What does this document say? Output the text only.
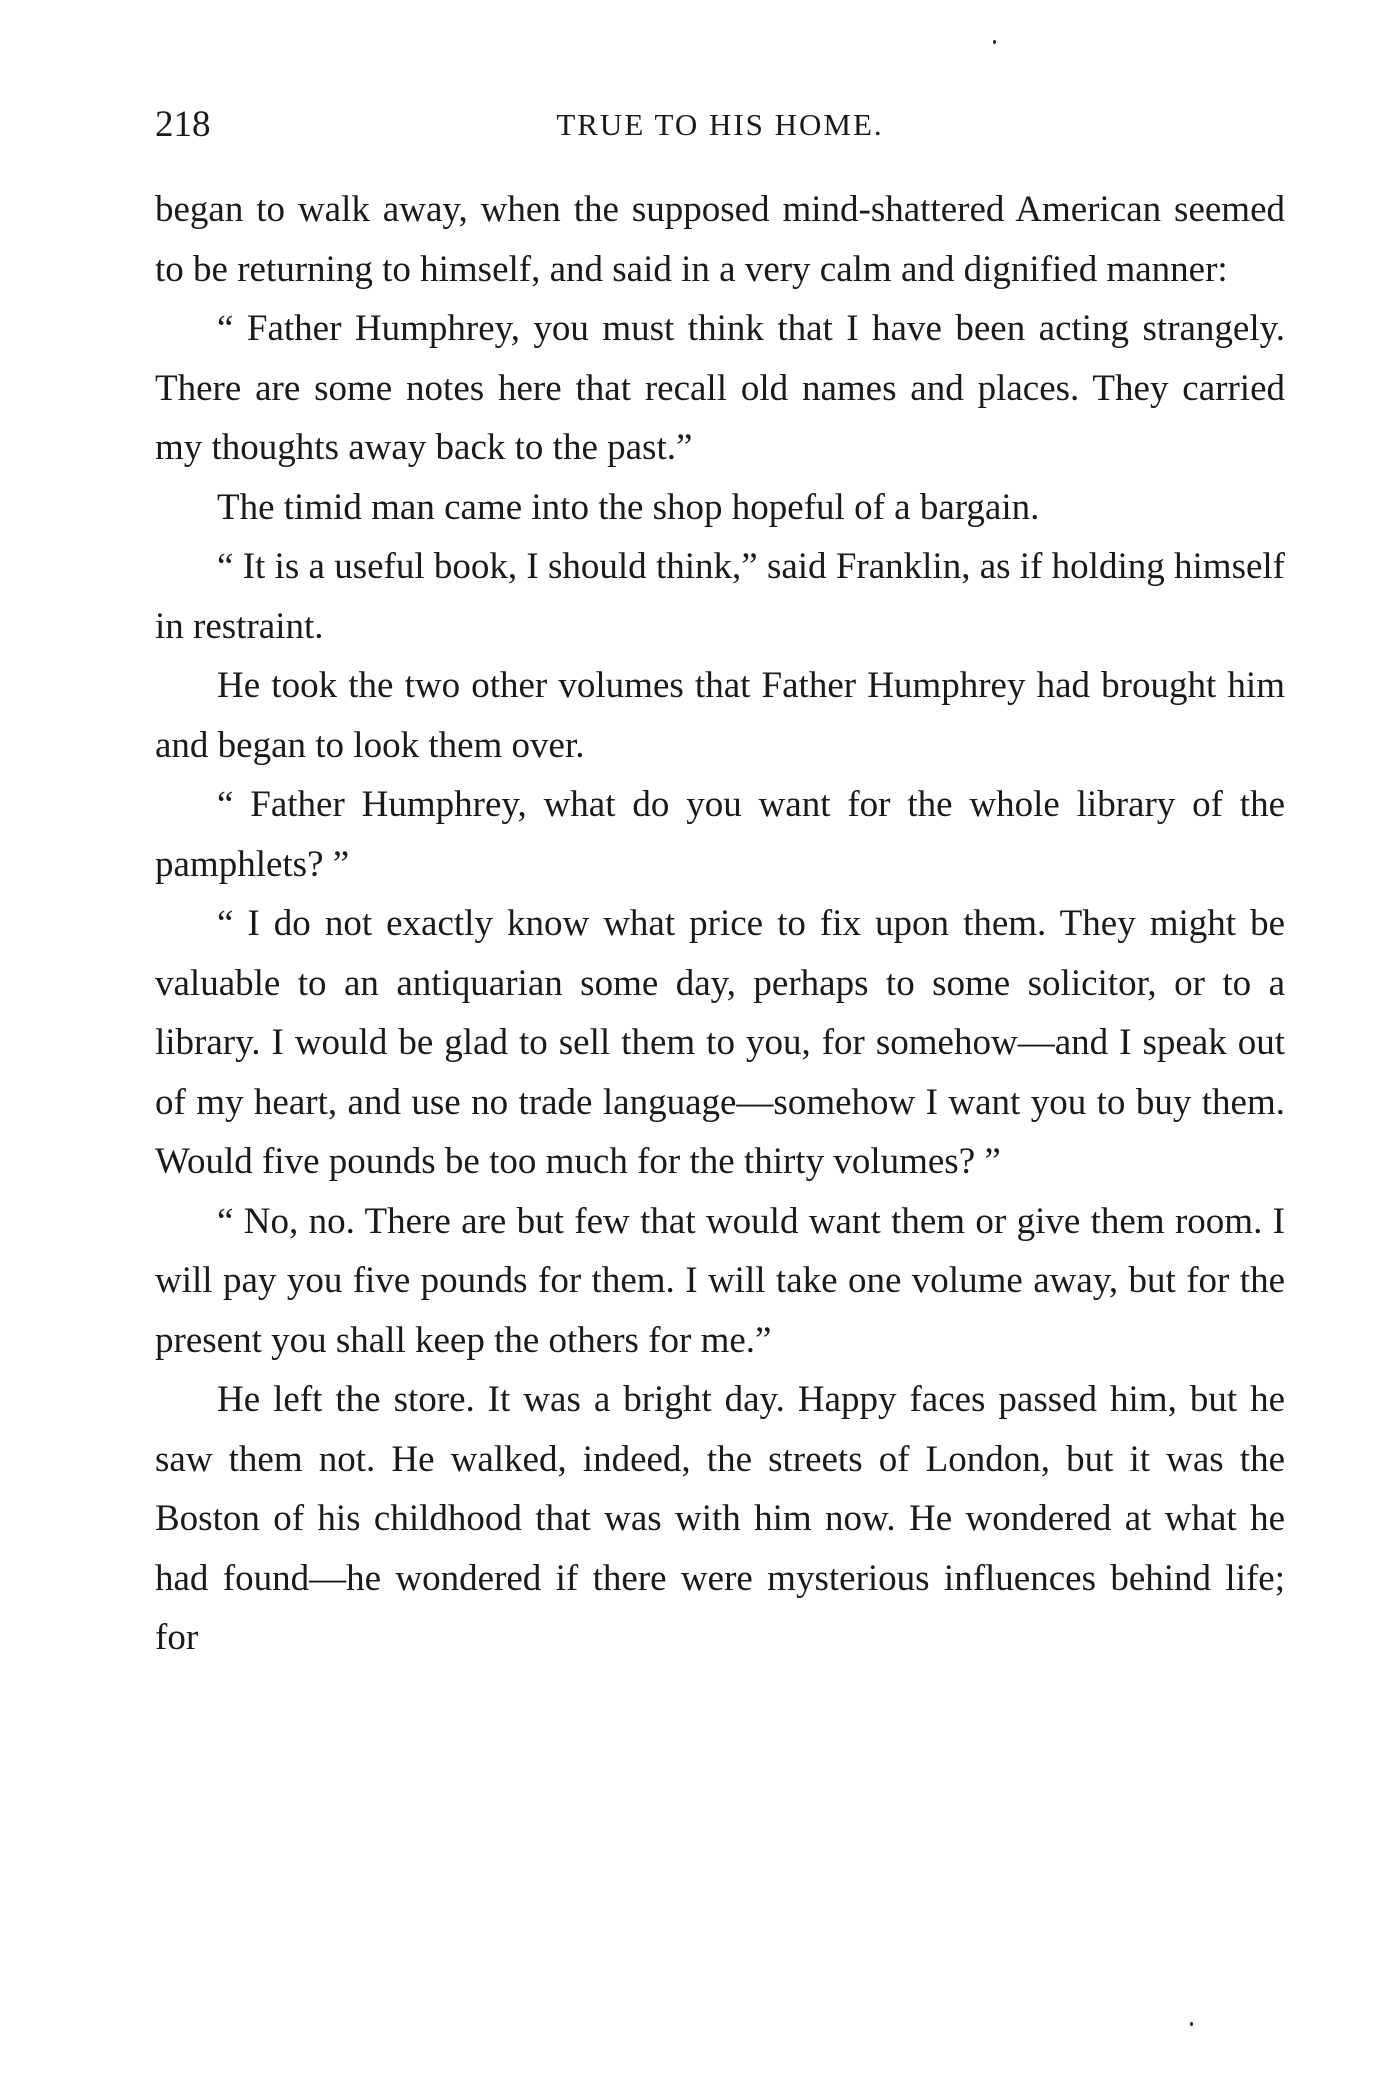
218	TRUE TO HIS HOME.

began to walk away, when the supposed mind-shattered American seemed to be returning to himself, and said in a very calm and dignified manner:

“ Father Humphrey, you must think that I have been acting strangely. There are some notes here that recall old names and places. They carried my thoughts away back to the past.”

The timid man came into the shop hopeful of a bargain.

“ It is a useful book, I should think,” said Franklin, as if holding himself in restraint.

He took the two other volumes that Father Humphrey had brought him and began to look them over.

“ Father Humphrey, what do you want for the whole library of the pamphlets? ”

“ I do not exactly know what price to fix upon them. They might be valuable to an antiquarian some day, perhaps to some solicitor, or to a library. I would be glad to sell them to you, for somehow—and I speak out of my heart, and use no trade language—somehow I want you to buy them. Would five pounds be too much for the thirty volumes? ”

“ No, no. There are but few that would want them or give them room. I will pay you five pounds for them. I will take one volume away, but for the present you shall keep the others for me.”

He left the store. It was a bright day. Happy faces passed him, but he saw them not. He walked, indeed, the streets of London, but it was the Boston of his childhood that was with him now. He wondered at what he had found—he wondered if there were mysterious influences behind life; for
